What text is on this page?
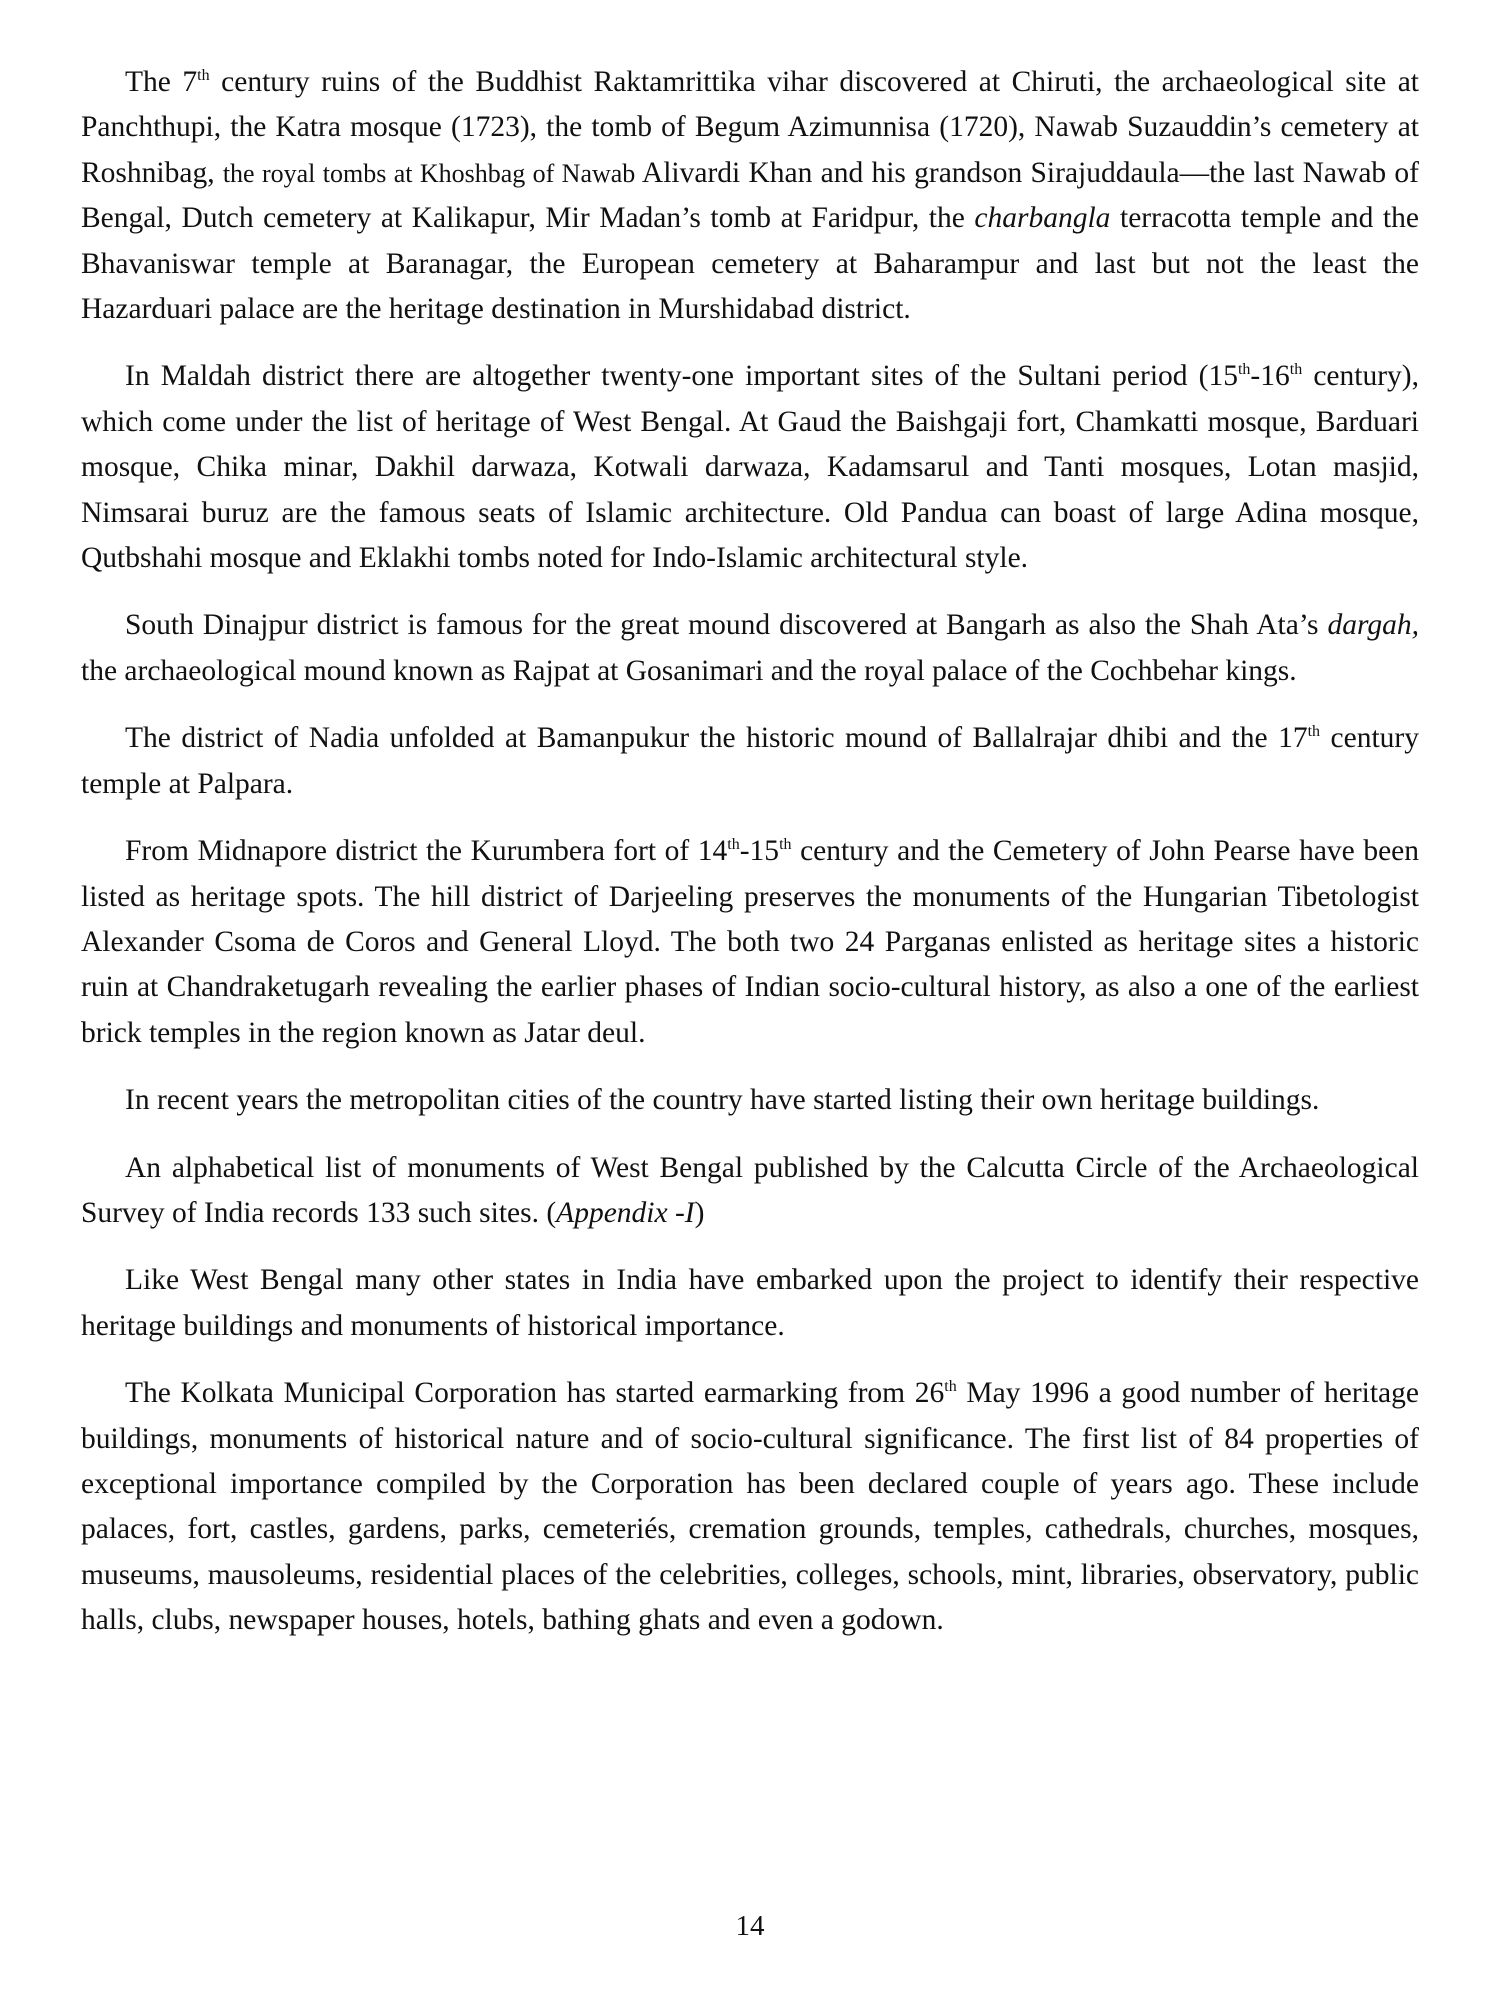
The 7th century ruins of the Buddhist Raktamrittika vihar discovered at Chiruti, the archaeological site at Panchthupi, the Katra mosque (1723), the tomb of Begum Azimunnisa (1720), Nawab Suzauddin’s cemetery at Roshnibag, the royal tombs at Khoshbag of Nawab Alivardi Khan and his grandson Sirajuddaula—the last Nawab of Bengal, Dutch cemetery at Kalikapur, Mir Madan’s tomb at Faridpur, the charbangla terracotta temple and the Bhavaniswar temple at Baranagar, the European cemetery at Baharampur and last but not the least the Hazarduari palace are the heritage destination in Murshidabad district.

In Maldah district there are altogether twenty-one important sites of the Sultani period (15th-16th century), which come under the list of heritage of West Bengal. At Gaud the Baishgaji fort, Chamkatti mosque, Barduari mosque, Chika minar, Dakhil darwaza, Kotwali darwaza, Kadamsarul and Tanti mosques, Lotan masjid, Nimsarai buruz are the famous seats of Islamic architecture. Old Pandua can boast of large Adina mosque, Qutbshahi mosque and Eklakhi tombs noted for Indo-Islamic architectural style.

South Dinajpur district is famous for the great mound discovered at Bangarh as also the Shah Ata’s dargah, the archaeological mound known as Rajpat at Gosanimari and the royal palace of the Cochbehar kings.

The district of Nadia unfolded at Bamanpukur the historic mound of Ballalrajar dhibi and the 17th century temple at Palpara.

From Midnapore district the Kurumbera fort of 14th-15th century and the Cemetery of John Pearse have been listed as heritage spots. The hill district of Darjeeling preserves the monuments of the Hungarian Tibetologist Alexander Csoma de Coros and General Lloyd. The both two 24 Parganas enlisted as heritage sites a historic ruin at Chandraketugarh revealing the earlier phases of Indian socio-cultural history, as also a one of the earliest brick temples in the region known as Jatar deul.

In recent years the metropolitan cities of the country have started listing their own heritage buildings.

An alphabetical list of monuments of West Bengal published by the Calcutta Circle of the Archaeological Survey of India records 133 such sites. (Appendix -I)

Like West Bengal many other states in India have embarked upon the project to identify their respective heritage buildings and monuments of historical importance.

The Kolkata Municipal Corporation has started earmarking from 26th May 1996 a good number of heritage buildings, monuments of historical nature and of socio-cultural significance. The first list of 84 properties of exceptional importance compiled by the Corporation has been declared couple of years ago. These include palaces, fort, castles, gardens, parks, cemeteriés, cremation grounds, temples, cathedrals, churches, mosques, museums, mausoleums, residential places of the celebrities, colleges, schools, mint, libraries, observatory, public halls, clubs, newspaper houses, hotels, bathing ghats and even a godown.

14
